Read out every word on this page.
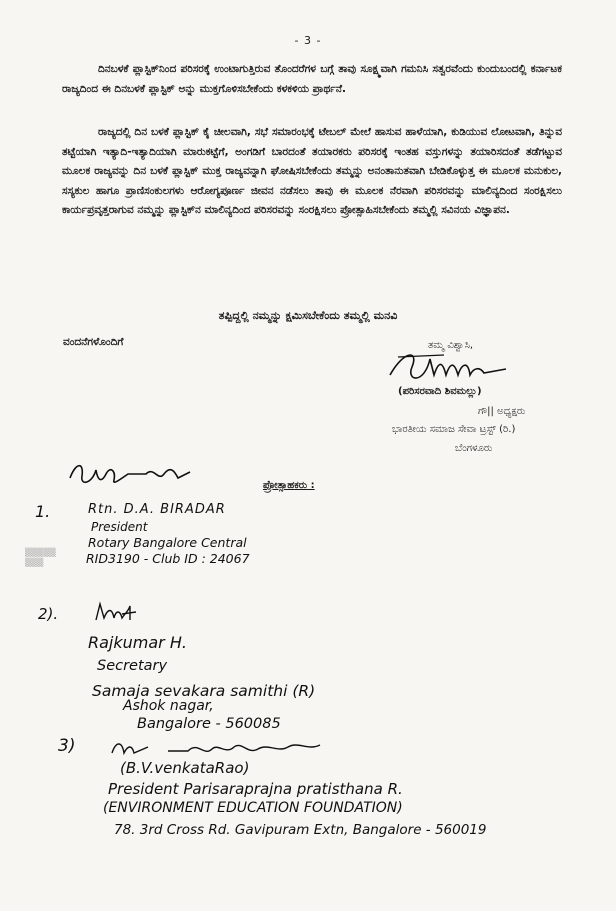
- 3 -
ದಿನಬಳಕೆ ಪ್ಲಾಸ್ಟಿಕ್‌ನಿಂದ ಪರಿಸರಕ್ಕೆ ಉಂಟಾಗುತ್ತಿರುವ ತೊಂದರೆಗಳ ಬಗ್ಗೆ ತಾವು ಸೂಕ್ಷ್ಮವಾಗಿ ಗಮನಿಸಿ ಸತ್ವರವೆಂದು ಕುಂದುಬಂದಲ್ಲಿ ಕರ್ನಾಟಕ ರಾಜ್ಯದಿಂದ ಈ ದಿನಬಳಕೆ ಪ್ಲಾಸ್ಟಿಕ್ ಅನ್ನು ಮುಕ್ತಗೊಳಿಸಬೇಕೆಂದು ಕಳಕಳಿಯ ಪ್ರಾರ್ಥನೆ.
ರಾಜ್ಯದಲ್ಲಿ ದಿನ ಬಳಕೆ ಪ್ಲಾಸ್ಟಿಕ್ ಕೈ ಚೀಲವಾಗಿ, ಸಭೆ ಸಮಾರಂಭಕ್ಕೆ ಟೇಬಲ್ ಮೇಲೆ ಹಾಸುವ ಹಾಳೆಯಾಗಿ, ಕುಡಿಯುವ ಲೋಟವಾಗಿ, ತಿನ್ನುವ ತಟ್ಟೆಯಾಗಿ ಇತ್ಯಾದಿ-ಇತ್ಯಾದಿಯಾಗಿ ಮಾರುಕಟ್ಟೆಗೆ, ಅಂಗಡಿಗೆ ಬಾರದಂತೆ ತಯಾರಕರು ಪರಿಸರಕ್ಕೆ ಇಂತಹ ವಸ್ತುಗಳನ್ನು ತಯಾರಿಸದಂತೆ ತಡೆಗಟ್ಟುವ ಮೂಲಕ ರಾಜ್ಯವನ್ನು ದಿನ ಬಳಕೆ ಪ್ಲಾಸ್ಟಿಕ್ ಮುಕ್ತ ರಾಜ್ಯವನ್ನಾಗಿ ಘೋಷಿಸಬೇಕೆಂದು ತಮ್ಮನ್ನು ಅನಂತಾನುತವಾಗಿ ಬೇಡಿಕೊಳ್ಳುತ್ತ ಈ ಮೂಲಕ ಮನುಕುಲ, ಸಸ್ಯಕುಲ ಹಾಗೂ ಪ್ರಾಣಿಸಂಕುಲಗಳು ಆರೋಗ್ಯಪೂರ್ಣ ಜೀವನ ನಡೆಸಲು ತಾವು ಈ ಮೂಲಕ ನೆರವಾಗಿ ಪರಿಸರವನ್ನು ಮಾಲಿನ್ಯದಿಂದ ಸಂರಕ್ಷಿಸಲು ಕಾರ್ಯಪ್ರವೃತ್ತರಾಗುವ ನಮ್ಮನ್ನು ಪ್ಲಾಸ್ಟಿಕ್‌ನ ಮಾಲಿನ್ಯದಿಂದ ಪರಿಸರವನ್ನು ಸಂರಕ್ಷಿಸಲು ಪ್ರೋತ್ಸಾಹಿಸಬೇಕೆಂದು ತಮ್ಮಲ್ಲಿ ಸವಿನಯ ವಿಜ್ಞಾಪನ.
ತಪ್ಪಿದ್ದಲ್ಲಿ ನಮ್ಮನ್ನು ಕ್ಷಮಿಸಬೇಕೆಂದು ತಮ್ಮಲ್ಲಿ ಮನವಿ
ವಂದನೆಗಳೊಂದಿಗೆ	ತಮ್ಮ ವಿಶ್ವಾಸಿ,
(ಪರಿಸರವಾದಿ ಶಿವಮಲ್ಲು)
ಗೌ|| ಅಧ್ಯಕ್ಷರು
ಭಾರತೀಯ ಸಮಾಜ ಸೇವಾ ಟ್ರಸ್ಟ್ (ರಿ.)
ಬೆಂಗಳೂರು
ಪ್ರೋತ್ಸಾಹಕರು :
1.	Rtn. D.A. BIRADAR
President
Rotary Bangalore Central
RID3190 - Club ID : 24067
▒▒▒▒▒
▒▒▒
2).
Rajkumar H.
Secretary
Samaja sevakara samithi (R)
Ashok nagar,
Bangalore - 560085
3)
(B.V.venkataRao)
President Parisaraprajna pratisthana R.
(ENVIRONMENT EDUCATION FOUNDATION)
78. 3rd Cross Rd. Gavipuram Extn, Bangalore - 560019
